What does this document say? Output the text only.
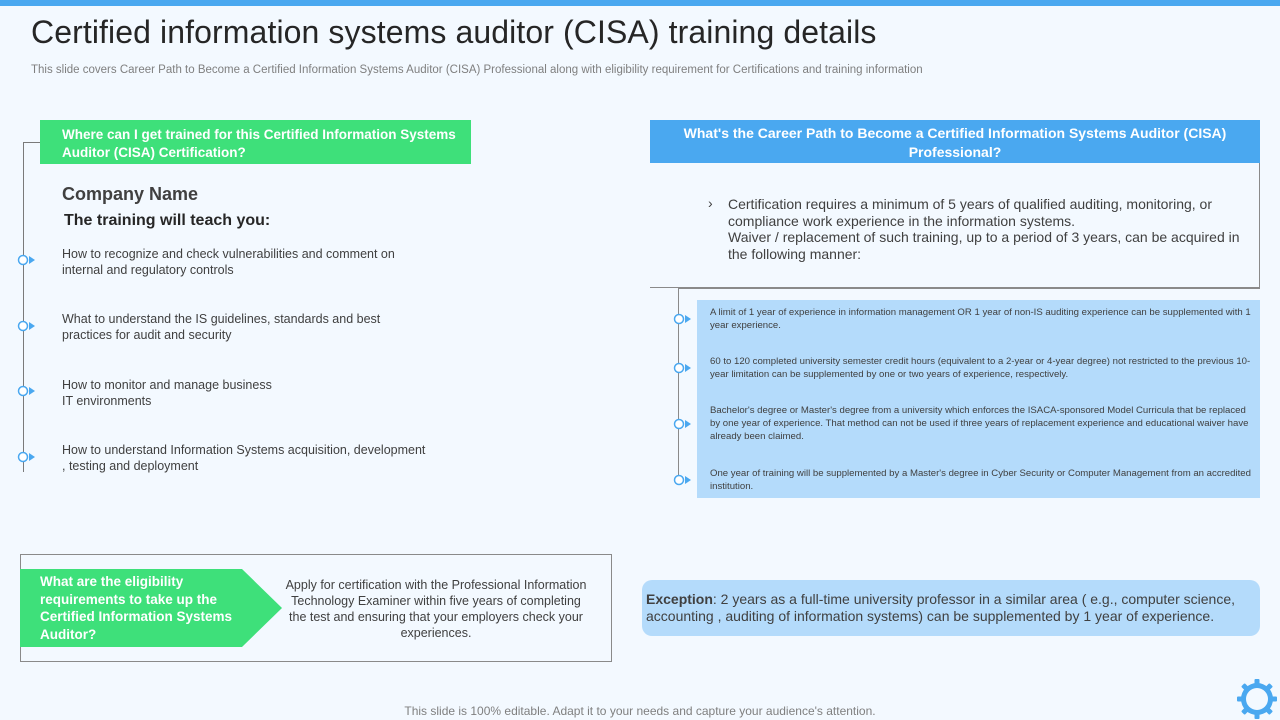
Certified information systems auditor (CISA) training details
This slide covers Career Path to Become a Certified Information Systems Auditor (CISA) Professional along with eligibility requirement for Certifications and training information
Where can I get trained for this Certified Information Systems Auditor (CISA) Certification?
Company Name
The training will teach you:
How to recognize and check vulnerabilities and comment on internal and regulatory controls
What to understand the IS guidelines, standards and best practices for audit and security
How to monitor and manage business
IT environments
How to understand Information Systems acquisition, development , testing and deployment
What are the eligibility requirements to take up the Certified Information Systems Auditor?
Apply for certification with the Professional Information Technology Examiner within five years of completing the test and ensuring that your employers check your experiences.
What's the Career Path to Become a Certified Information Systems Auditor (CISA) Professional?
› Certification requires a minimum of 5 years of qualified auditing, monitoring, or compliance work experience in the information systems.
Waiver / replacement of such training, up to a period of 3 years, can be acquired in the following manner:
A limit of 1 year of experience in information management OR 1 year of non-IS auditing experience can be supplemented with 1 year experience.
60 to 120 completed university semester credit hours (equivalent to a 2-year or 4-year degree) not restricted to the previous 10-year limitation can be supplemented by one or two years of experience, respectively.
Bachelor's degree or Master's degree from a university which enforces the ISACA-sponsored Model Curricula that be replaced by one year of experience. That method can not be used if three years of replacement experience and educational waiver have already been claimed.
One year of training will be supplemented by a Master's degree in Cyber Security or Computer Management from an accredited institution.
Exception: 2 years as a full-time university professor in a similar area ( e.g., computer science, accounting , auditing of information systems) can be supplemented by 1 year of experience.
This slide is 100% editable. Adapt it to your needs and capture your audience's attention.
